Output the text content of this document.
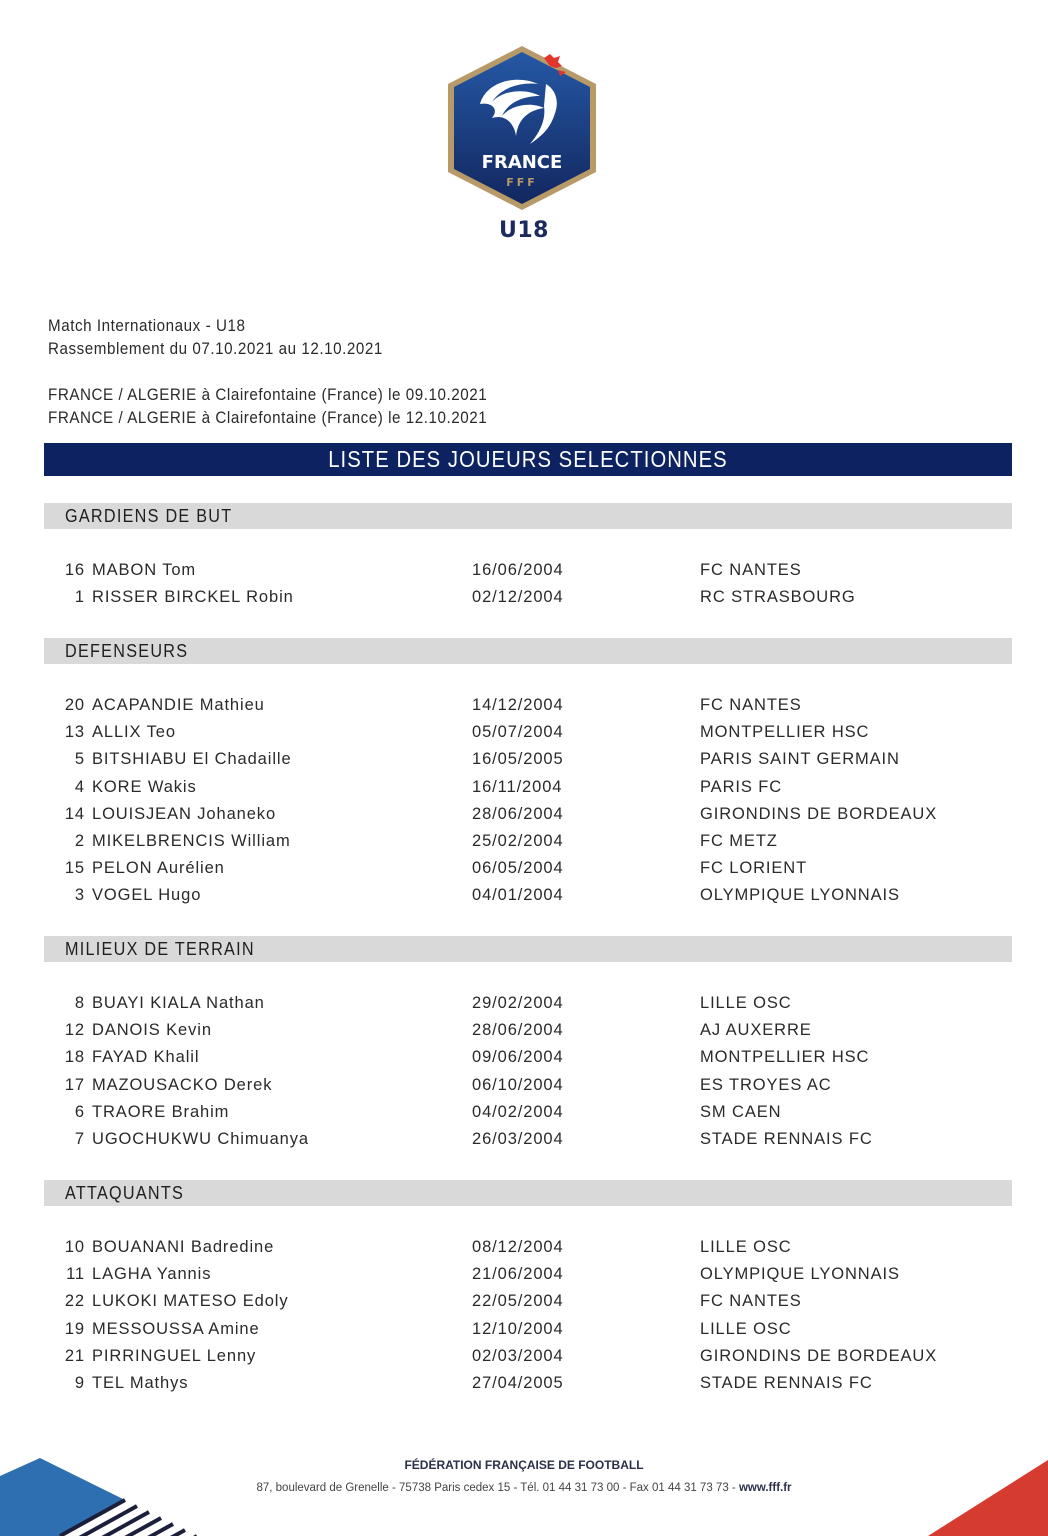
FRANCE
FFF
U18
Match Internationaux - U18
Rassemblement du 07.10.2021 au 12.10.2021
FRANCE / ALGERIE à Clairefontaine (France) le 09.10.2021
FRANCE / ALGERIE à Clairefontaine (France) le 12.10.2021
LISTE DES JOUEURS SELECTIONNES
GARDIENS DE BUT
16 MABON Tom	16/06/2004	FC NANTES
1 RISSER BIRCKEL Robin	02/12/2004	RC STRASBOURG
DEFENSEURS
20 ACAPANDIE Mathieu	14/12/2004	FC NANTES
13 ALLIX Teo	05/07/2004	MONTPELLIER HSC
5 BITSHIABU El Chadaille	16/05/2005	PARIS SAINT GERMAIN
4 KORE Wakis	16/11/2004	PARIS FC
14 LOUISJEAN Johaneko	28/06/2004	GIRONDINS DE BORDEAUX
2 MIKELBRENCIS William	25/02/2004	FC METZ
15 PELON Aurélien	06/05/2004	FC LORIENT
3 VOGEL Hugo	04/01/2004	OLYMPIQUE LYONNAIS
MILIEUX DE TERRAIN
8 BUAYI KIALA Nathan	29/02/2004	LILLE OSC
12 DANOIS Kevin	28/06/2004	AJ AUXERRE
18 FAYAD Khalil	09/06/2004	MONTPELLIER HSC
17 MAZOUSACKO Derek	06/10/2004	ES TROYES AC
6 TRAORE Brahim	04/02/2004	SM CAEN
7 UGOCHUKWU Chimuanya	26/03/2004	STADE RENNAIS FC
ATTAQUANTS
10 BOUANANI Badredine	08/12/2004	LILLE OSC
11 LAGHA Yannis	21/06/2004	OLYMPIQUE LYONNAIS
22 LUKOKI MATESO Edoly	22/05/2004	FC NANTES
19 MESSOUSSA Amine	12/10/2004	LILLE OSC
21 PIRRINGUEL Lenny	02/03/2004	GIRONDINS DE BORDEAUX
9 TEL Mathys	27/04/2005	STADE RENNAIS FC
FÉDÉRATION FRANÇAISE DE FOOTBALL
87, boulevard de Grenelle - 75738 Paris cedex 15 - Tél. 01 44 31 73 00 - Fax 01 44 31 73 73 - www.fff.fr
